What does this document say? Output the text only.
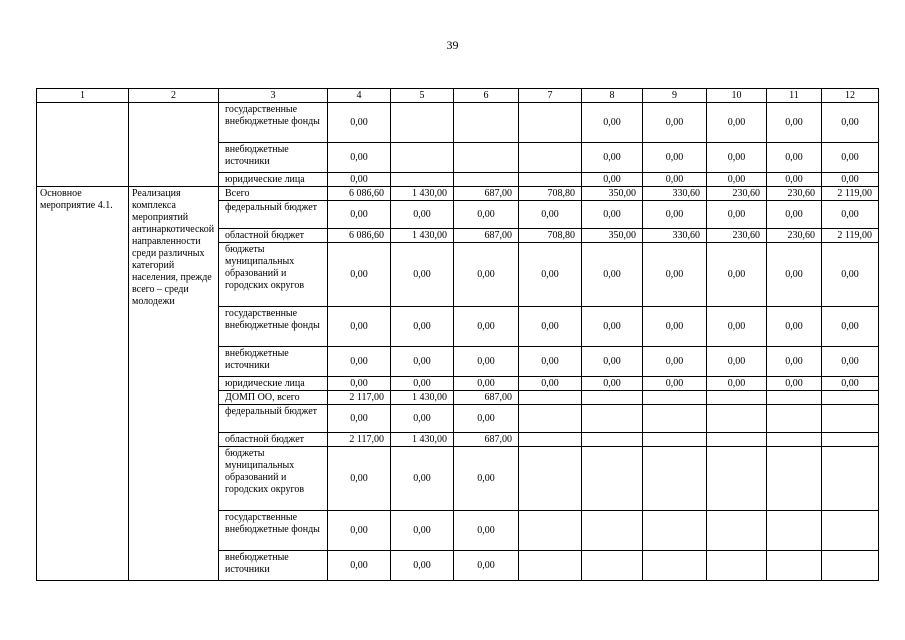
39
1	2	3	4	5	6	7	8	9	10	11	12
		государственные внебюджетные фонды	0,00				0,00	0,00	0,00	0,00	0,00
		внебюджетные источники	0,00				0,00	0,00	0,00	0,00	0,00
		юридические лица	0,00				0,00	0,00	0,00	0,00	0,00
Основное мероприятие 4.1.	Реализация комплекса мероприятий антинаркотической направленности среди различных категорий населения, прежде всего – среди молодежи	Всего	6 086,60	1 430,00	687,00	708,80	350,00	330,60	230,60	230,60	2 119,00
		федеральный бюджет	0,00	0,00	0,00	0,00	0,00	0,00	0,00	0,00	0,00
		областной бюджет	6 086,60	1 430,00	687,00	708,80	350,00	330,60	230,60	230,60	2 119,00
		бюджеты муниципальных образований и городских округов	0,00	0,00	0,00	0,00	0,00	0,00	0,00	0,00	0,00
		государственные внебюджетные фонды	0,00	0,00	0,00	0,00	0,00	0,00	0,00	0,00	0,00
		внебюджетные источники	0,00	0,00	0,00	0,00	0,00	0,00	0,00	0,00	0,00
		юридические лица	0,00	0,00	0,00	0,00	0,00	0,00	0,00	0,00	0,00
		ДОМП ОО, всего	2 117,00	1 430,00	687,00						
		федеральный бюджет	0,00	0,00	0,00						
		областной бюджет	2 117,00	1 430,00	687,00						
		бюджеты муниципальных образований и городских округов	0,00	0,00	0,00						
		государственные внебюджетные фонды	0,00	0,00	0,00						
		внебюджетные источники	0,00	0,00	0,00						
